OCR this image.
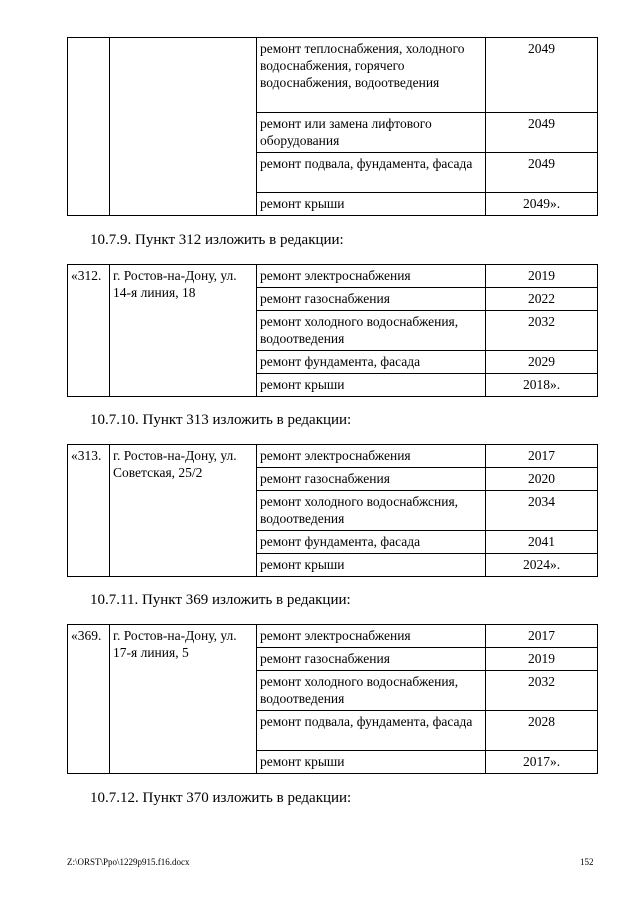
		ремонт теплоснабжения, холодного водоснабжения, горячего водоснабжения, водоотведения	2049
		ремонт или замена лифтового оборудования	2049
		ремонт подвала, фундамента, фасада	2049
		ремонт крыши	2049».
10.7.9. Пункт 312 изложить в редакции:
«312.	г. Ростов-на-Дону, ул. 14-я линия, 18	ремонт электроснабжения	2019
		ремонт газоснабжения	2022
		ремонт холодного водоснабжения, водоотведения	2032
		ремонт фундамента, фасада	2029
		ремонт крыши	2018».
10.7.10. Пункт 313 изложить в редакции:
«313.	г. Ростов-на-Дону, ул. Советская, 25/2	ремонт электроснабжения	2017
		ремонт газоснабжения	2020
		ремонт холодного водоснабжсния, водоотведения	2034
		ремонт фундамента, фасада	2041
		ремонт крыши	2024».
10.7.11. Пункт 369 изложить в редакции:
«369.	г. Ростов-на-Дону, ул. 17-я линия, 5	ремонт электроснабжения	2017
		ремонт газоснабжения	2019
		ремонт холодного водоснабжения, водоотведения	2032
		ремонт подвала, фундамента, фасада	2028
		ремонт крыши	2017».
10.7.12. Пункт 370 изложить в редакции:
Z:\ORST\Ppo\1229p915.f16.docx	152
